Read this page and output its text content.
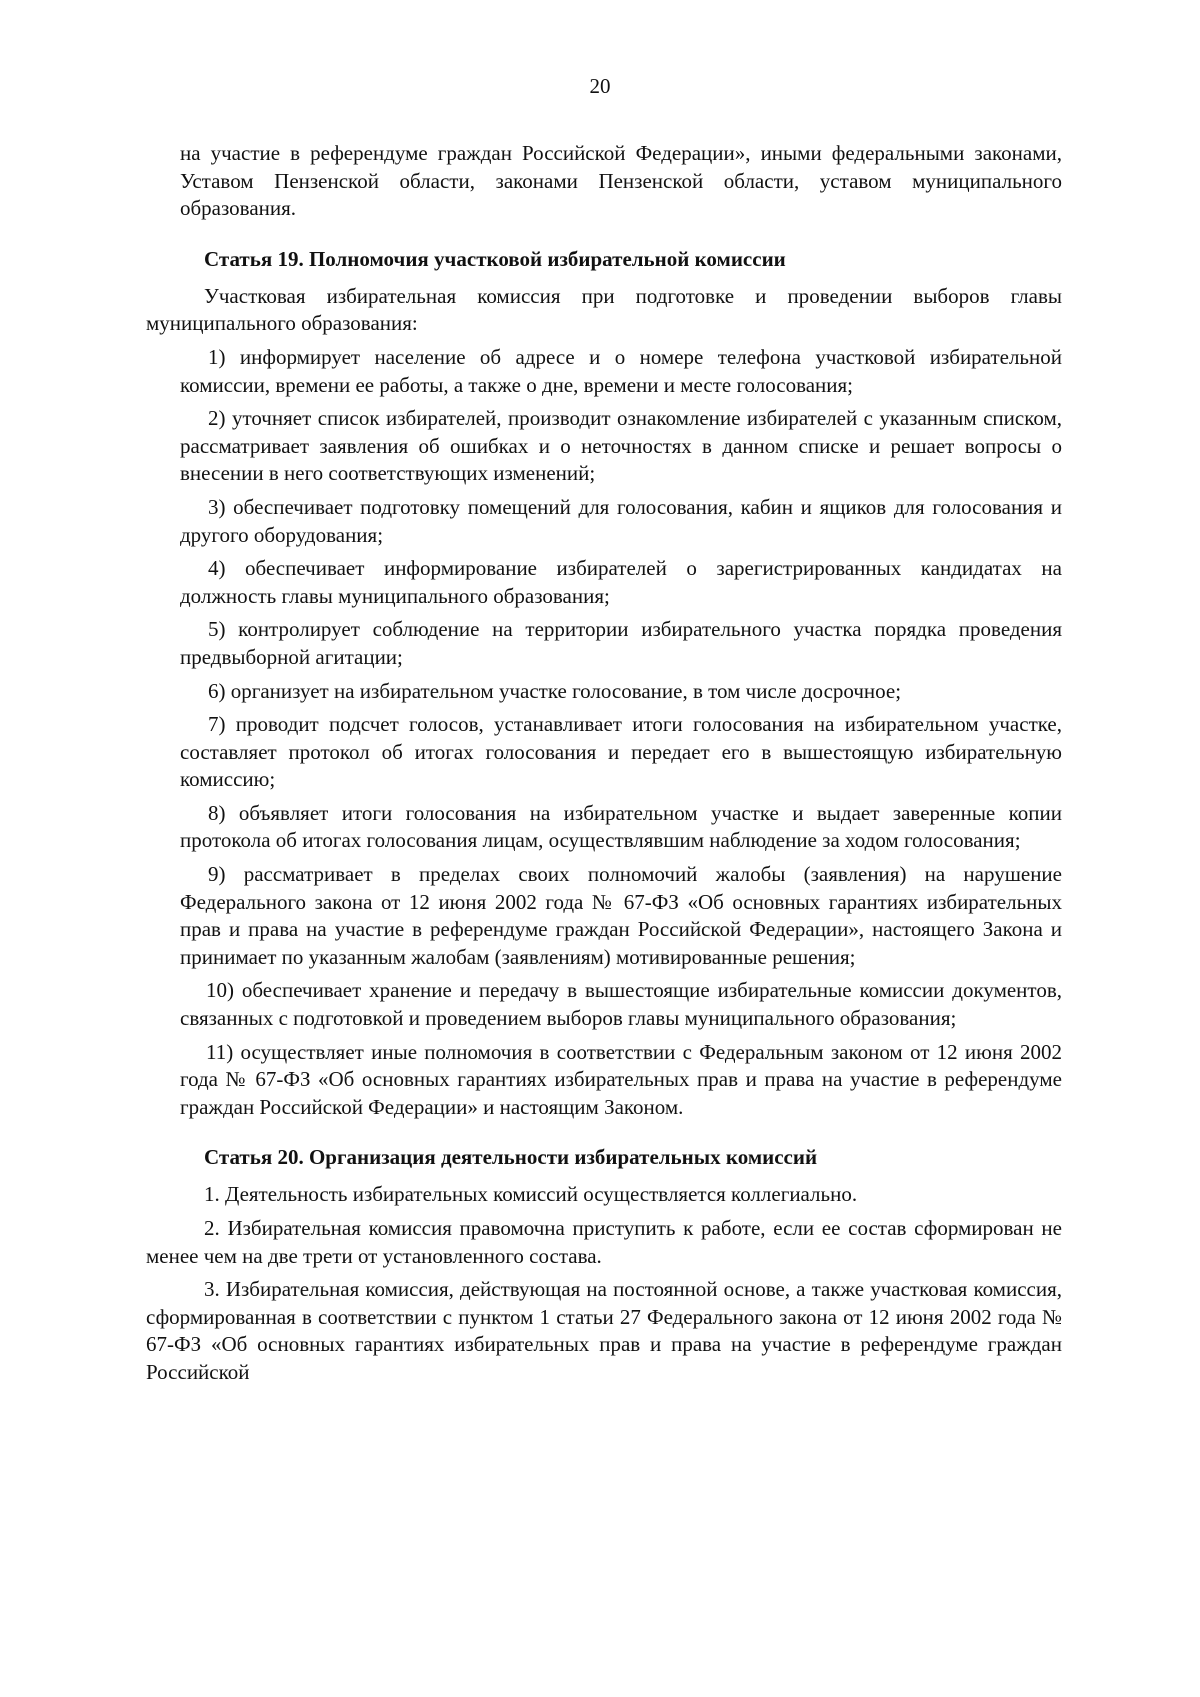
20

на участие в референдуме граждан Российской Федерации», иными федеральными законами, Уставом Пензенской области, законами Пензенской области, уставом муниципального образования.

Статья 19. Полномочия участковой избирательной комиссии

Участковая избирательная комиссия при подготовке и проведении выборов главы муниципального образования:

1) информирует население об адресе и о номере телефона участковой избирательной комиссии, времени ее работы, а также о дне, времени и месте голосования;

2) уточняет список избирателей, производит ознакомление избирателей с указанным списком, рассматривает заявления об ошибках и о неточностях в данном списке и решает вопросы о внесении в него соответствующих изменений;

3) обеспечивает подготовку помещений для голосования, кабин и ящиков для голосования и другого оборудования;

4) обеспечивает информирование избирателей о зарегистрированных кандидатах на должность главы муниципального образования;

5) контролирует соблюдение на территории избирательного участка порядка проведения предвыборной агитации;

6) организует на избирательном участке голосование, в том числе досрочное;

7) проводит подсчет голосов, устанавливает итоги голосования на избирательном участке, составляет протокол об итогах голосования и передает его в вышестоящую избирательную комиссию;

8) объявляет итоги голосования на избирательном участке и выдает заверенные копии протокола об итогах голосования лицам, осуществлявшим наблюдение за ходом голосования;

9) рассматривает в пределах своих полномочий жалобы (заявления) на нарушение Федерального закона от 12 июня 2002 года № 67-ФЗ «Об основных гарантиях избирательных прав и права на участие в референдуме граждан Российской Федерации», настоящего Закона и принимает по указанным жалобам (заявлениям) мотивированные решения;

10) обеспечивает хранение и передачу в вышестоящие избирательные комиссии документов, связанных с подготовкой и проведением выборов главы муниципального образования;

11) осуществляет иные полномочия в соответствии с Федеральным законом от 12 июня 2002 года № 67-ФЗ «Об основных гарантиях избирательных прав и права на участие в референдуме граждан Российской Федерации» и настоящим Законом.

Статья 20. Организация деятельности избирательных комиссий

1. Деятельность избирательных комиссий осуществляется коллегиально.

2. Избирательная комиссия правомочна приступить к работе, если ее состав сформирован не менее чем на две трети от установленного состава.

3. Избирательная комиссия, действующая на постоянной основе, а также участковая комиссия, сформированная в соответствии с пунктом 1 статьи 27 Федерального закона от 12 июня 2002 года № 67-ФЗ «Об основных гарантиях избирательных прав и права на участие в референдуме граждан Российской
